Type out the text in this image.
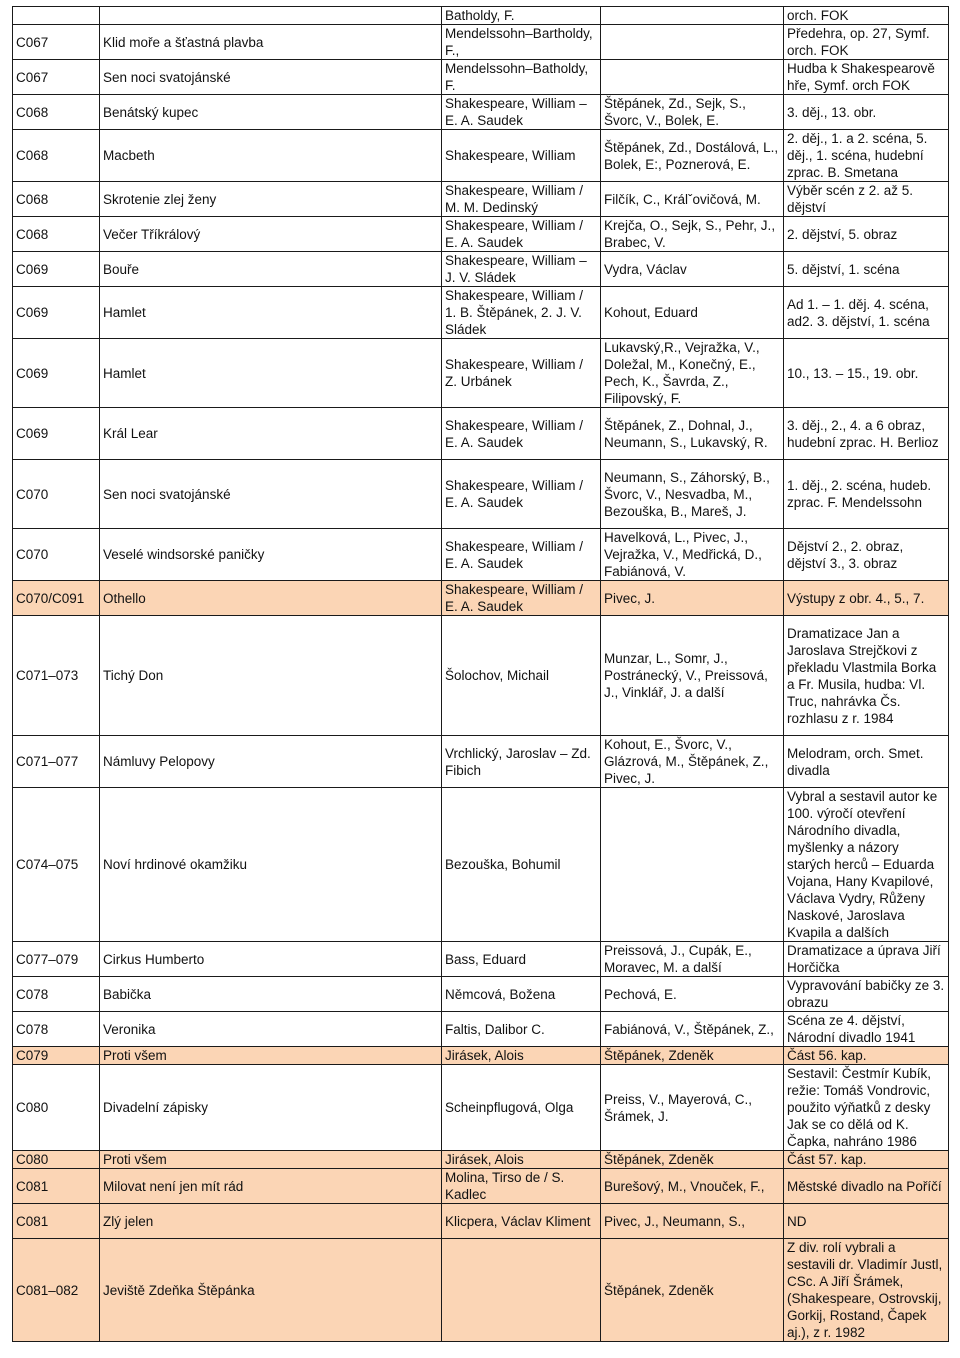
		Batholdy, F.		orch. FOK
C067	Klid moře a šťastná plavba	Mendelssohn–Bartholdy, F.,		Předehra, op. 27, Symf. orch. FOK
C067	Sen noci svatojánské	Mendelssohn–Batholdy, F.		Hudba k Shakespearově hře, Symf. orch FOK
C068	Benátský kupec	Shakespeare, William – E. A. Saudek	Štěpánek, Zd., Sejk, S., Švorc, V., Bolek, E.	3. děj., 13. obr.
C068	Macbeth	Shakespeare, William	Štěpánek, Zd., Dostálová, L., Bolek, E:, Poznerová, E.	2. děj., 1. a 2. scéna, 5. děj., 1. scéna, hudební zprac. B. Smetana
C068	Skrotenie zlej ženy	Shakespeare, William / M. M. Dedinský	Filčík, C., Králˇovičová, M.	Výběr scén z 2. až 5. dějství
C068	Večer Tříkrálový	Shakespeare, William / E. A. Saudek	Krejča, O., Sejk, S., Pehr, J., Brabec, V.	2. dějství, 5. obraz
C069	Bouře	Shakespeare, William – J. V. Sládek	Vydra, Václav	5. dějství, 1. scéna
C069	Hamlet	Shakespeare, William / 1. B. Štěpánek, 2. J. V. Sládek	Kohout, Eduard	Ad 1. – 1. děj. 4. scéna, ad2. 3. dějství, 1. scéna
C069	Hamlet	Shakespeare, William / Z. Urbánek	Lukavský,R., Vejražka, V., Doležal, M., Konečný, E., Pech, K., Šavrda, Z., Filipovský, F.	10., 13. – 15., 19. obr.
C069	Král Lear	Shakespeare, William / E. A. Saudek	Štěpánek, Z., Dohnal, J., Neumann, S., Lukavský, R.	3. děj., 2., 4. a 6 obraz, hudební zprac. H. Berlioz
C070	Sen noci svatojánské	Shakespeare, William / E. A. Saudek	Neumann, S., Záhorský, B., Švorc, V., Nesvadba, M., Bezouška, B., Mareš, J.	1. děj., 2. scéna, hudeb. zprac. F. Mendelssohn
C070	Veselé windsorské paničky	Shakespeare, William / E. A. Saudek	Havelková, L., Pivec, J., Vejražka, V., Medřická, D., Fabiánová, V.	Dějství 2., 2. obraz, dějství 3., 3. obraz
C070/C091	Othello	Shakespeare, William / E. A. Saudek	Pivec, J.	Výstupy z obr. 4., 5., 7.
C071–073	Tichý Don	Šolochov, Michail	Munzar, L., Somr, J., Postránecký, V., Preissová, J., Vinklář, J. a další	Dramatizace Jan a Jaroslava Strejčkovi z překladu Vlastmila Borka a Fr. Musila, hudba: Vl. Truc, nahrávka Čs. rozhlasu z r. 1984
C071–077	Námluvy Pelopovy	Vrchlický, Jaroslav – Zd. Fibich	Kohout, E., Švorc, V., Glázrová, M., Štěpánek, Z., Pivec, J.	Melodram, orch. Smet. divadla
C074–075	Noví hrdinové okamžiku	Bezouška, Bohumil		Vybral a sestavil autor ke 100. výročí otevření Národního divadla, myšlenky a názory starých herců – Eduarda Vojana, Hany Kvapilové, Václava Vydry, Růženy Naskové, Jaroslava Kvapila a dalších
C077–079	Cirkus Humberto	Bass, Eduard	Preissová, J., Cupák, E., Moravec, M. a další	Dramatizace a úprava Jiří Horčička
C078	Babička	Němcová, Božena	Pechová, E.	Vypravování babičky ze 3. obrazu
C078	Veronika	Faltis, Dalibor C.	Fabiánová, V., Štěpánek, Z.,	Scéna ze 4. dějství, Národní divadlo 1941
C079	Proti všem	Jirásek, Alois	Štěpánek, Zdeněk	Část 56. kap.
C080	Divadelní zápisky	Scheinpflugová, Olga	Preiss, V., Mayerová, C., Šrámek, J.	Sestavil: Čestmír Kubík, režie: Tomáš Vondrovic, použito výňatků z desky Jak se co dělá od K. Čapka, nahráno 1986
C080	Proti všem	Jirásek, Alois	Štěpánek, Zdeněk	Část 57. kap.
C081	Milovat není jen mít rád	Molina, Tirso de / S. Kadlec	Burešový, M., Vnouček, F.,	Městské divadlo na Poříčí
C081	Zlý jelen	Klicpera, Václav Kliment	Pivec, J., Neumann, S.,	ND
C081–082	Jeviště Zdeňka Štěpánka		Štěpánek, Zdeněk	Z div. rolí vybrali a sestavili dr. Vladimír Justl, CSc. A Jiří Šrámek, (Shakespeare, Ostrovskij, Gorkij, Rostand, Čapek aj.), z r. 1982
